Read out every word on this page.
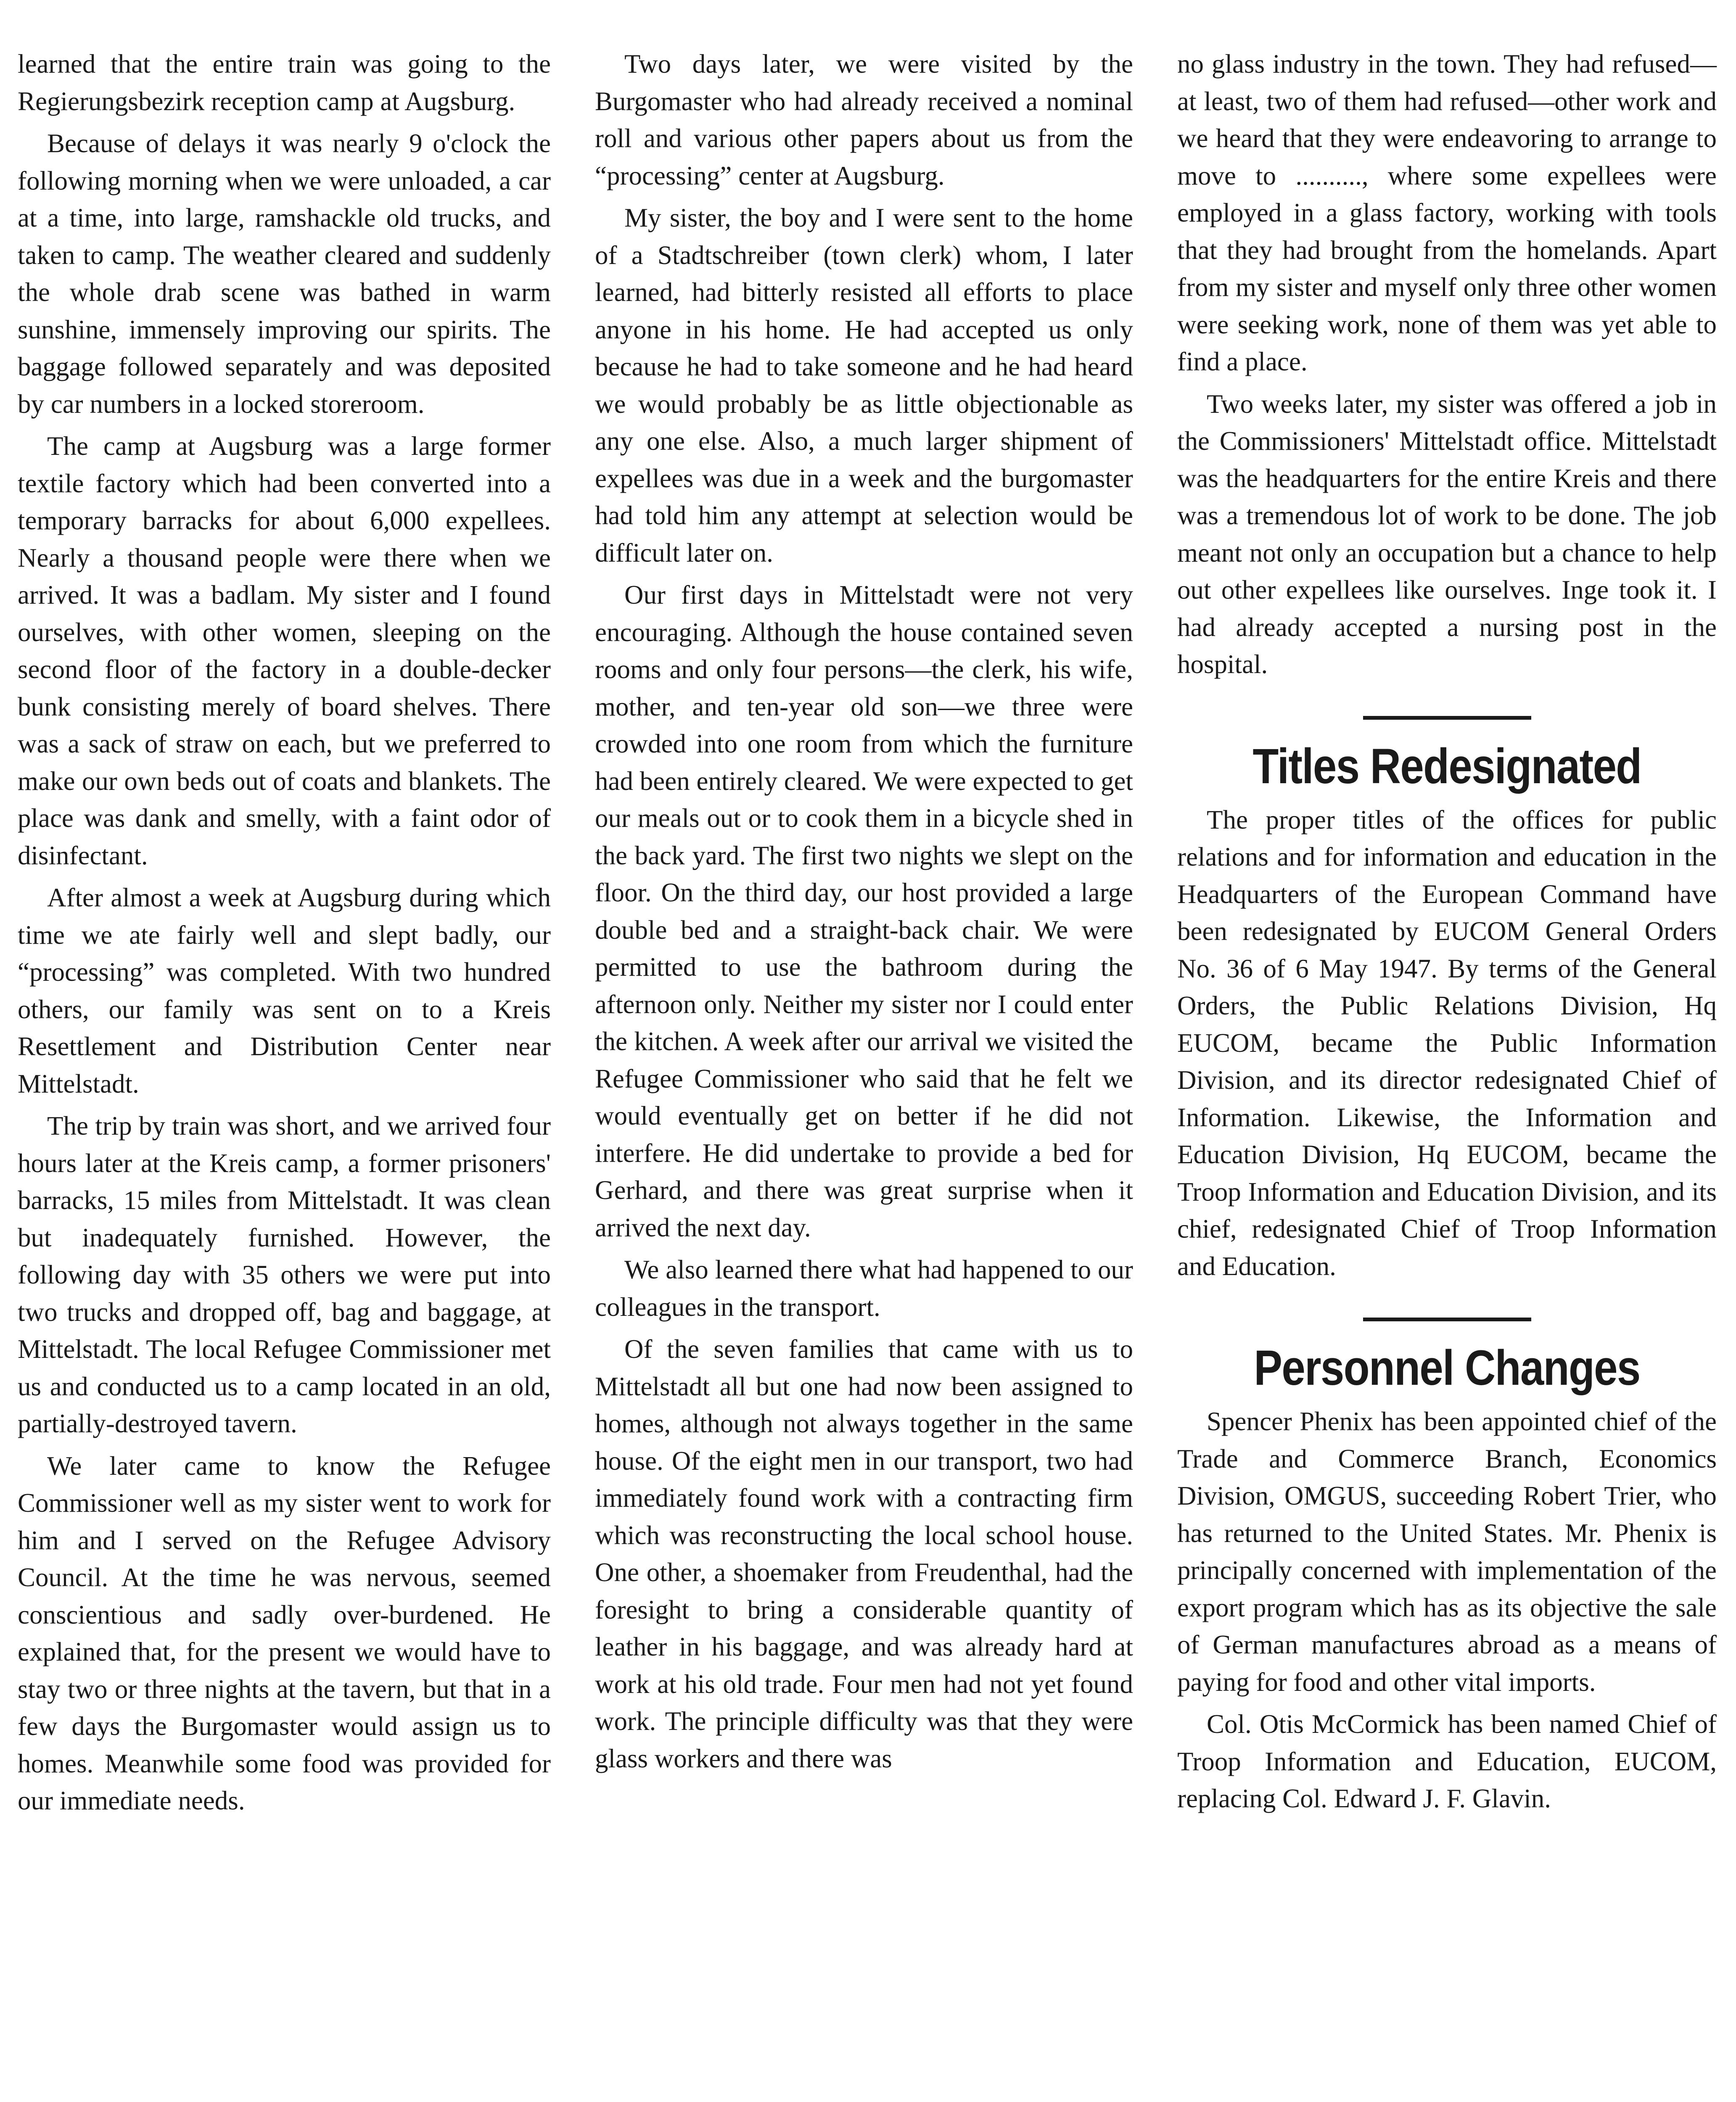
learned that the entire train was going to the Regierungsbezirk reception camp at Augsburg.

Because of delays it was nearly 9 o'clock the following morning when we were unloaded, a car at a time, into large, ramshackle old trucks, and taken to camp. The weather cleared and suddenly the whole drab scene was bathed in warm sunshine, immensely improving our spirits. The baggage followed separately and was deposited by car numbers in a locked storeroom.

The camp at Augsburg was a large former textile factory which had been converted into a temporary barracks for about 6,000 expellees. Nearly a thousand people were there when we arrived. It was a badlam. My sister and I found ourselves, with other women, sleeping on the second floor of the factory in a double-decker bunk consisting merely of board shelves. There was a sack of straw on each, but we preferred to make our own beds out of coats and blankets. The place was dank and smelly, with a faint odor of disinfectant.

After almost a week at Augsburg during which time we ate fairly well and slept badly, our “processing” was completed. With two hundred others, our family was sent on to a Kreis Resettlement and Distribution Center near Mittelstadt.

The trip by train was short, and we arrived four hours later at the Kreis camp, a former prisoners' barracks, 15 miles from Mittelstadt. It was clean but inadequately furnished. However, the following day with 35 others we were put into two trucks and dropped off, bag and baggage, at Mittelstadt. The local Refugee Commissioner met us and conducted us to a camp located in an old, partially-destroyed tavern.

We later came to know the Refugee Commissioner well as my sister went to work for him and I served on the Refugee Advisory Council. At the time he was nervous, seemed conscientious and sadly over-burdened. He explained that, for the present we would have to stay two or three nights at the tavern, but that in a few days the Burgomaster would assign us to homes. Meanwhile some food was provided for our immediate needs.

Two days later, we were visited by the Burgomaster who had already received a nominal roll and various other papers about us from the “processing” center at Augsburg.

My sister, the boy and I were sent to the home of a Stadtschreiber (town clerk) whom, I later learned, had bitterly resisted all efforts to place anyone in his home. He had accepted us only because he had to take someone and he had heard we would probably be as little objectionable as any one else. Also, a much larger shipment of expellees was due in a week and the burgomaster had told him any attempt at selection would be difficult later on.

Our first days in Mittelstadt were not very encouraging. Although the house contained seven rooms and only four persons—the clerk, his wife, mother, and ten-year old son—we three were crowded into one room from which the furniture had been entirely cleared. We were expected to get our meals out or to cook them in a bicycle shed in the back yard. The first two nights we slept on the floor. On the third day, our host provided a large double bed and a straight-back chair. We were permitted to use the bathroom during the afternoon only. Neither my sister nor I could enter the kitchen. A week after our arrival we visited the Refugee Commissioner who said that he felt we would eventually get on better if he did not interfere. He did undertake to provide a bed for Gerhard, and there was great surprise when it arrived the next day.

We also learned there what had happened to our colleagues in the transport.

Of the seven families that came with us to Mittelstadt all but one had now been assigned to homes, although not always together in the same house. Of the eight men in our transport, two had immediately found work with a contracting firm which was reconstructing the local school house. One other, a shoemaker from Freudenthal, had the foresight to bring a considerable quantity of leather in his baggage, and was already hard at work at his old trade. Four men had not yet found work. The principle difficulty was that they were glass workers and there was

no glass industry in the town. They had refused—at least, two of them had refused—other work and we heard that they were endeavoring to arrange to move to .........., where some expellees were employed in a glass factory, working with tools that they had brought from the homelands. Apart from my sister and myself only three other women were seeking work, none of them was yet able to find a place.

Two weeks later, my sister was offered a job in the Commissioners' Mittelstadt office. Mittelstadt was the headquarters for the entire Kreis and there was a tremendous lot of work to be done. The job meant not only an occupation but a chance to help out other expellees like ourselves. Inge took it. I had already accepted a nursing post in the hospital.

Titles Redesignated

The proper titles of the offices for public relations and for information and education in the Headquarters of the European Command have been redesignated by EUCOM General Orders No. 36 of 6 May 1947. By terms of the General Orders, the Public Relations Division, Hq EUCOM, became the Public Information Division, and its director redesignated Chief of Information. Likewise, the Information and Education Division, Hq EUCOM, became the Troop Information and Education Division, and its chief, redesignated Chief of Troop Information and Education.

Personnel Changes

Spencer Phenix has been appointed chief of the Trade and Commerce Branch, Economics Division, OMGUS, succeeding Robert Trier, who has returned to the United States. Mr. Phenix is principally concerned with implementation of the export program which has as its objective the sale of German manufactures abroad as a means of paying for food and other vital imports.

Col. Otis McCormick has been named Chief of Troop Information and Education, EUCOM, replacing Col. Edward J. F. Glavin.
